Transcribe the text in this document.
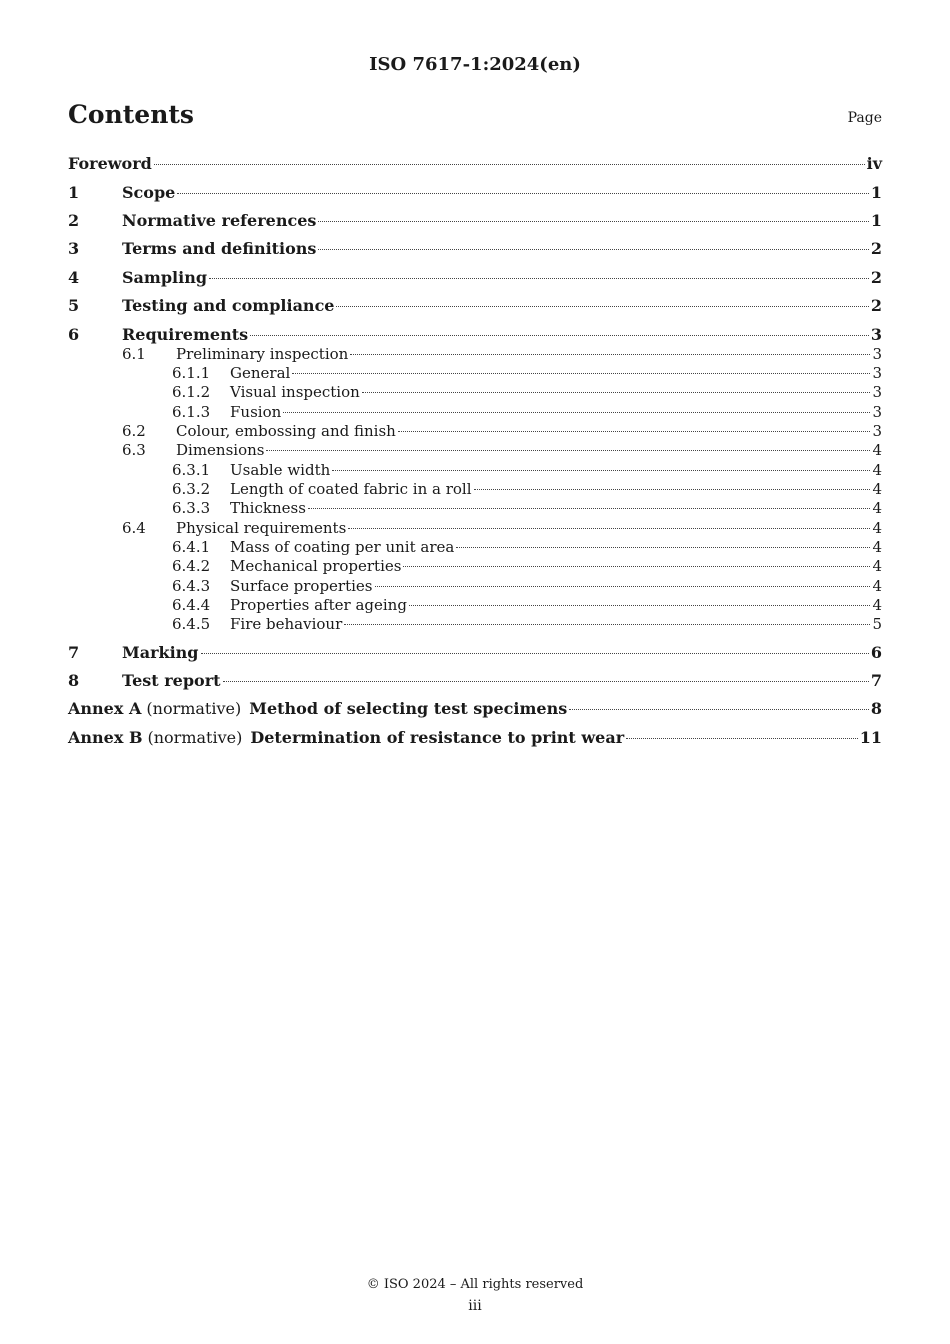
ISO 7617-1:2024(en)
Contents	Page
Foreword	iv
1	Scope	1
2	Normative references	1
3	Terms and definitions	2
4	Sampling	2
5	Testing and compliance	2
6	Requirements	3
6.1	Preliminary inspection	3
6.1.1	General	3
6.1.2	Visual inspection	3
6.1.3	Fusion	3
6.2	Colour, embossing and finish	3
6.3	Dimensions	4
6.3.1	Usable width	4
6.3.2	Length of coated fabric in a roll	4
6.3.3	Thickness	4
6.4	Physical requirements	4
6.4.1	Mass of coating per unit area	4
6.4.2	Mechanical properties	4
6.4.3	Surface properties	4
6.4.4	Properties after ageing	4
6.4.5	Fire behaviour	5
7	Marking	6
8	Test report	7
Annex A (normative) Method of selecting test specimens	8
Annex B (normative) Determination of resistance to print wear	11
© ISO 2024 – All rights reserved
iii
